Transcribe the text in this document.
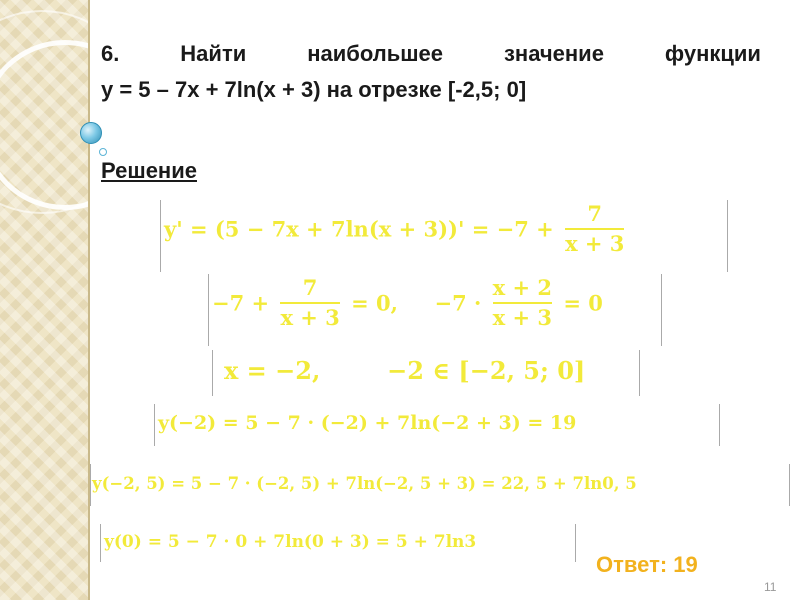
6.	Найти	наибольшее	значение	функции
y = 5 – 7x + 7ln(x + 3) на отрезке [-2,5; 0]
Решение
$y' = (5 - 7x + 7\ln(x + 3))' = -7 + \frac{7}{x + 3}$
$-7 + \frac{7}{x + 3} = 0$,     $-7 \cdot \frac{x + 2}{x + 3} = 0$
x = −2,        −2 ∈ [−2, 5; 0]
y(−2) = 5 − 7 · (−2) + 7ln(−2 + 3) = 19
y(−2, 5) = 5 − 7 · (−2, 5) + 7ln(−2, 5 + 3) = 22, 5 + 7ln0, 5
y(0) = 5 − 7 · 0 + 7ln(0 + 3) = 5 + 7ln3
Ответ: 19
11
